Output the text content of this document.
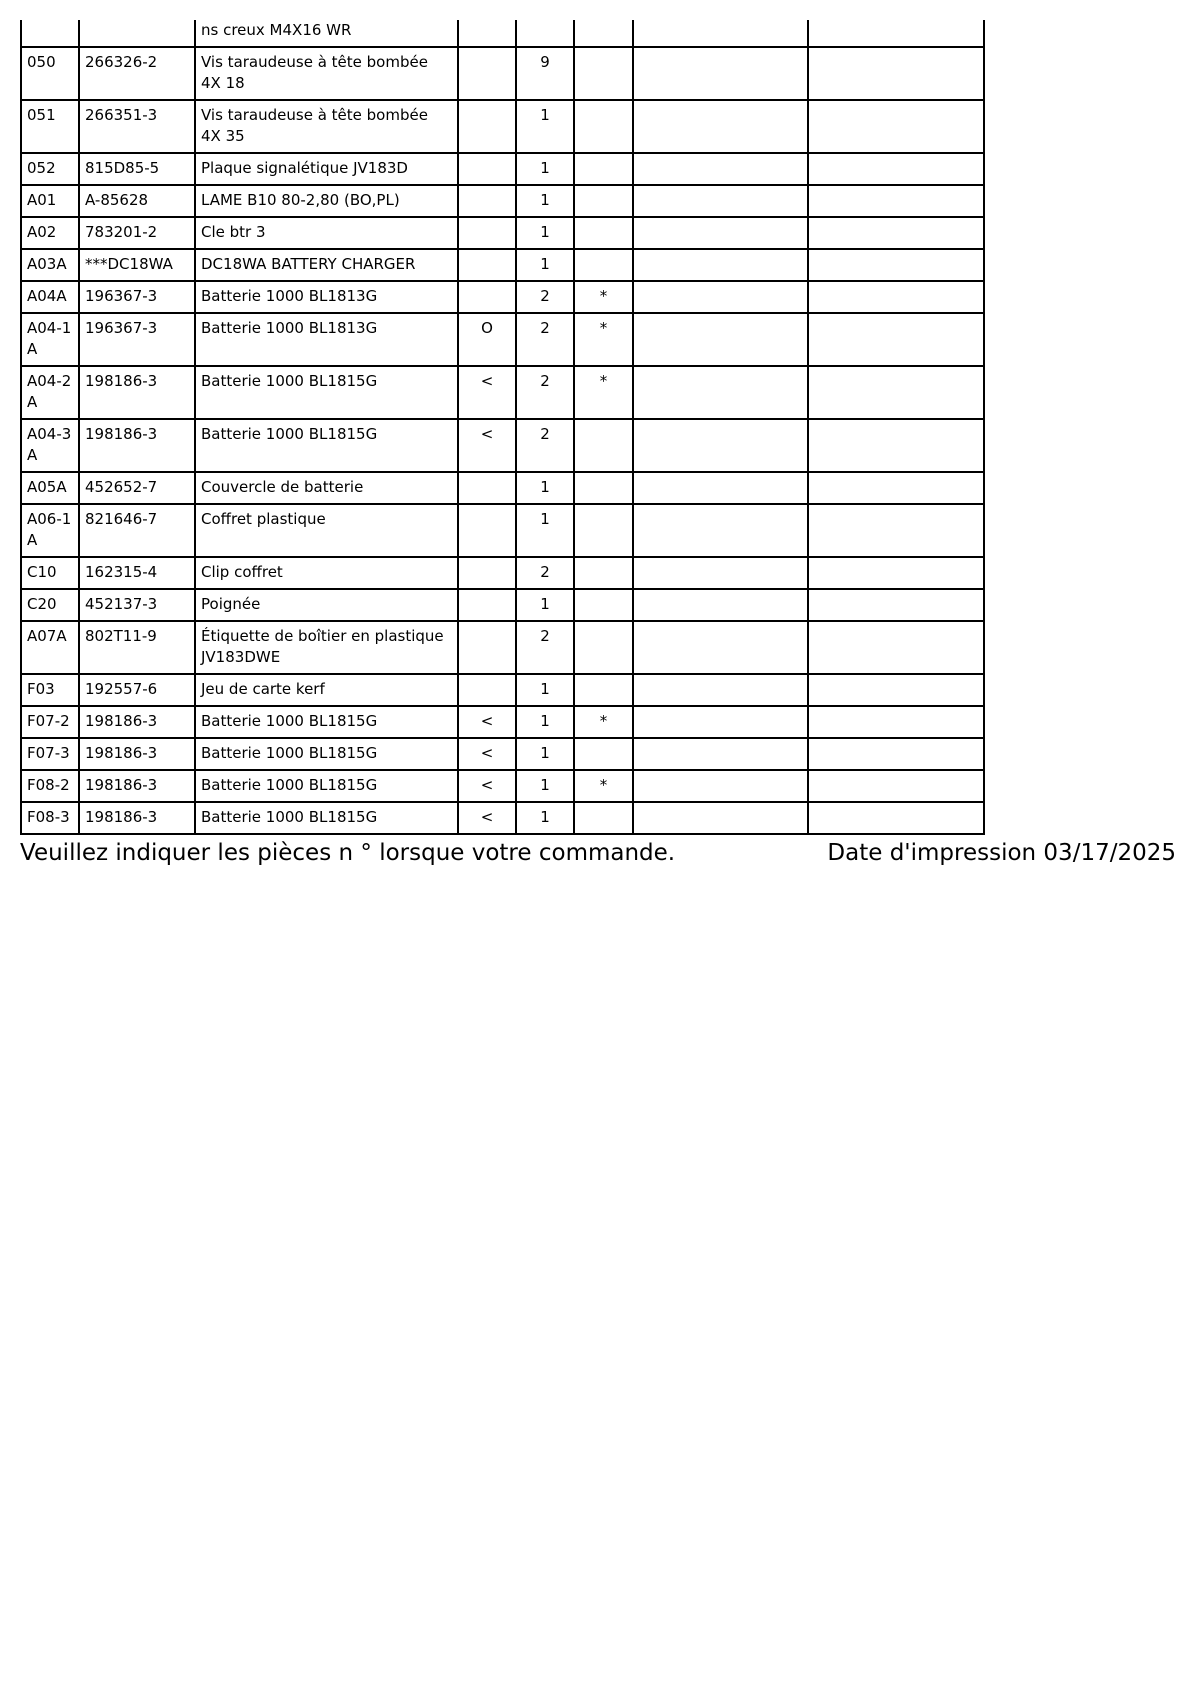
		ns creux M4X16 WR					
050	266326-2	Vis taraudeuse à tête bombée 4X 18		9			
051	266351-3	Vis taraudeuse à tête bombée 4X 35		1			
052	815D85-5	Plaque signalétique JV183D		1			
A01	A-85628	LAME B10 80-2,80 (BO,PL)		1			
A02	783201-2	Cle btr 3		1			
A03A	***DC18WA	DC18WA BATTERY CHARGER		1			
A04A	196367-3	Batterie 1000 BL1813G		2	*		
A04-1 A	196367-3	Batterie 1000 BL1813G	O	2	*		
A04-2 A	198186-3	Batterie 1000 BL1815G	<	2	*		
A04-3 A	198186-3	Batterie 1000 BL1815G	<	2			
A05A	452652-7	Couvercle de batterie		1			
A06-1 A	821646-7	Coffret plastique		1			
C10	162315-4	Clip coffret		2			
C20	452137-3	Poignée		1			
A07A	802T11-9	Étiquette de boîtier en plastique JV183DWE		2			
F03	192557-6	Jeu de carte kerf		1			
F07-2	198186-3	Batterie 1000 BL1815G	<	1	*		
F07-3	198186-3	Batterie 1000 BL1815G	<	1			
F08-2	198186-3	Batterie 1000 BL1815G	<	1	*		
F08-3	198186-3	Batterie 1000 BL1815G	<	1			
Veuillez indiquer les pièces n ° lorsque votre commande.	Date d'impression 03/17/2025
